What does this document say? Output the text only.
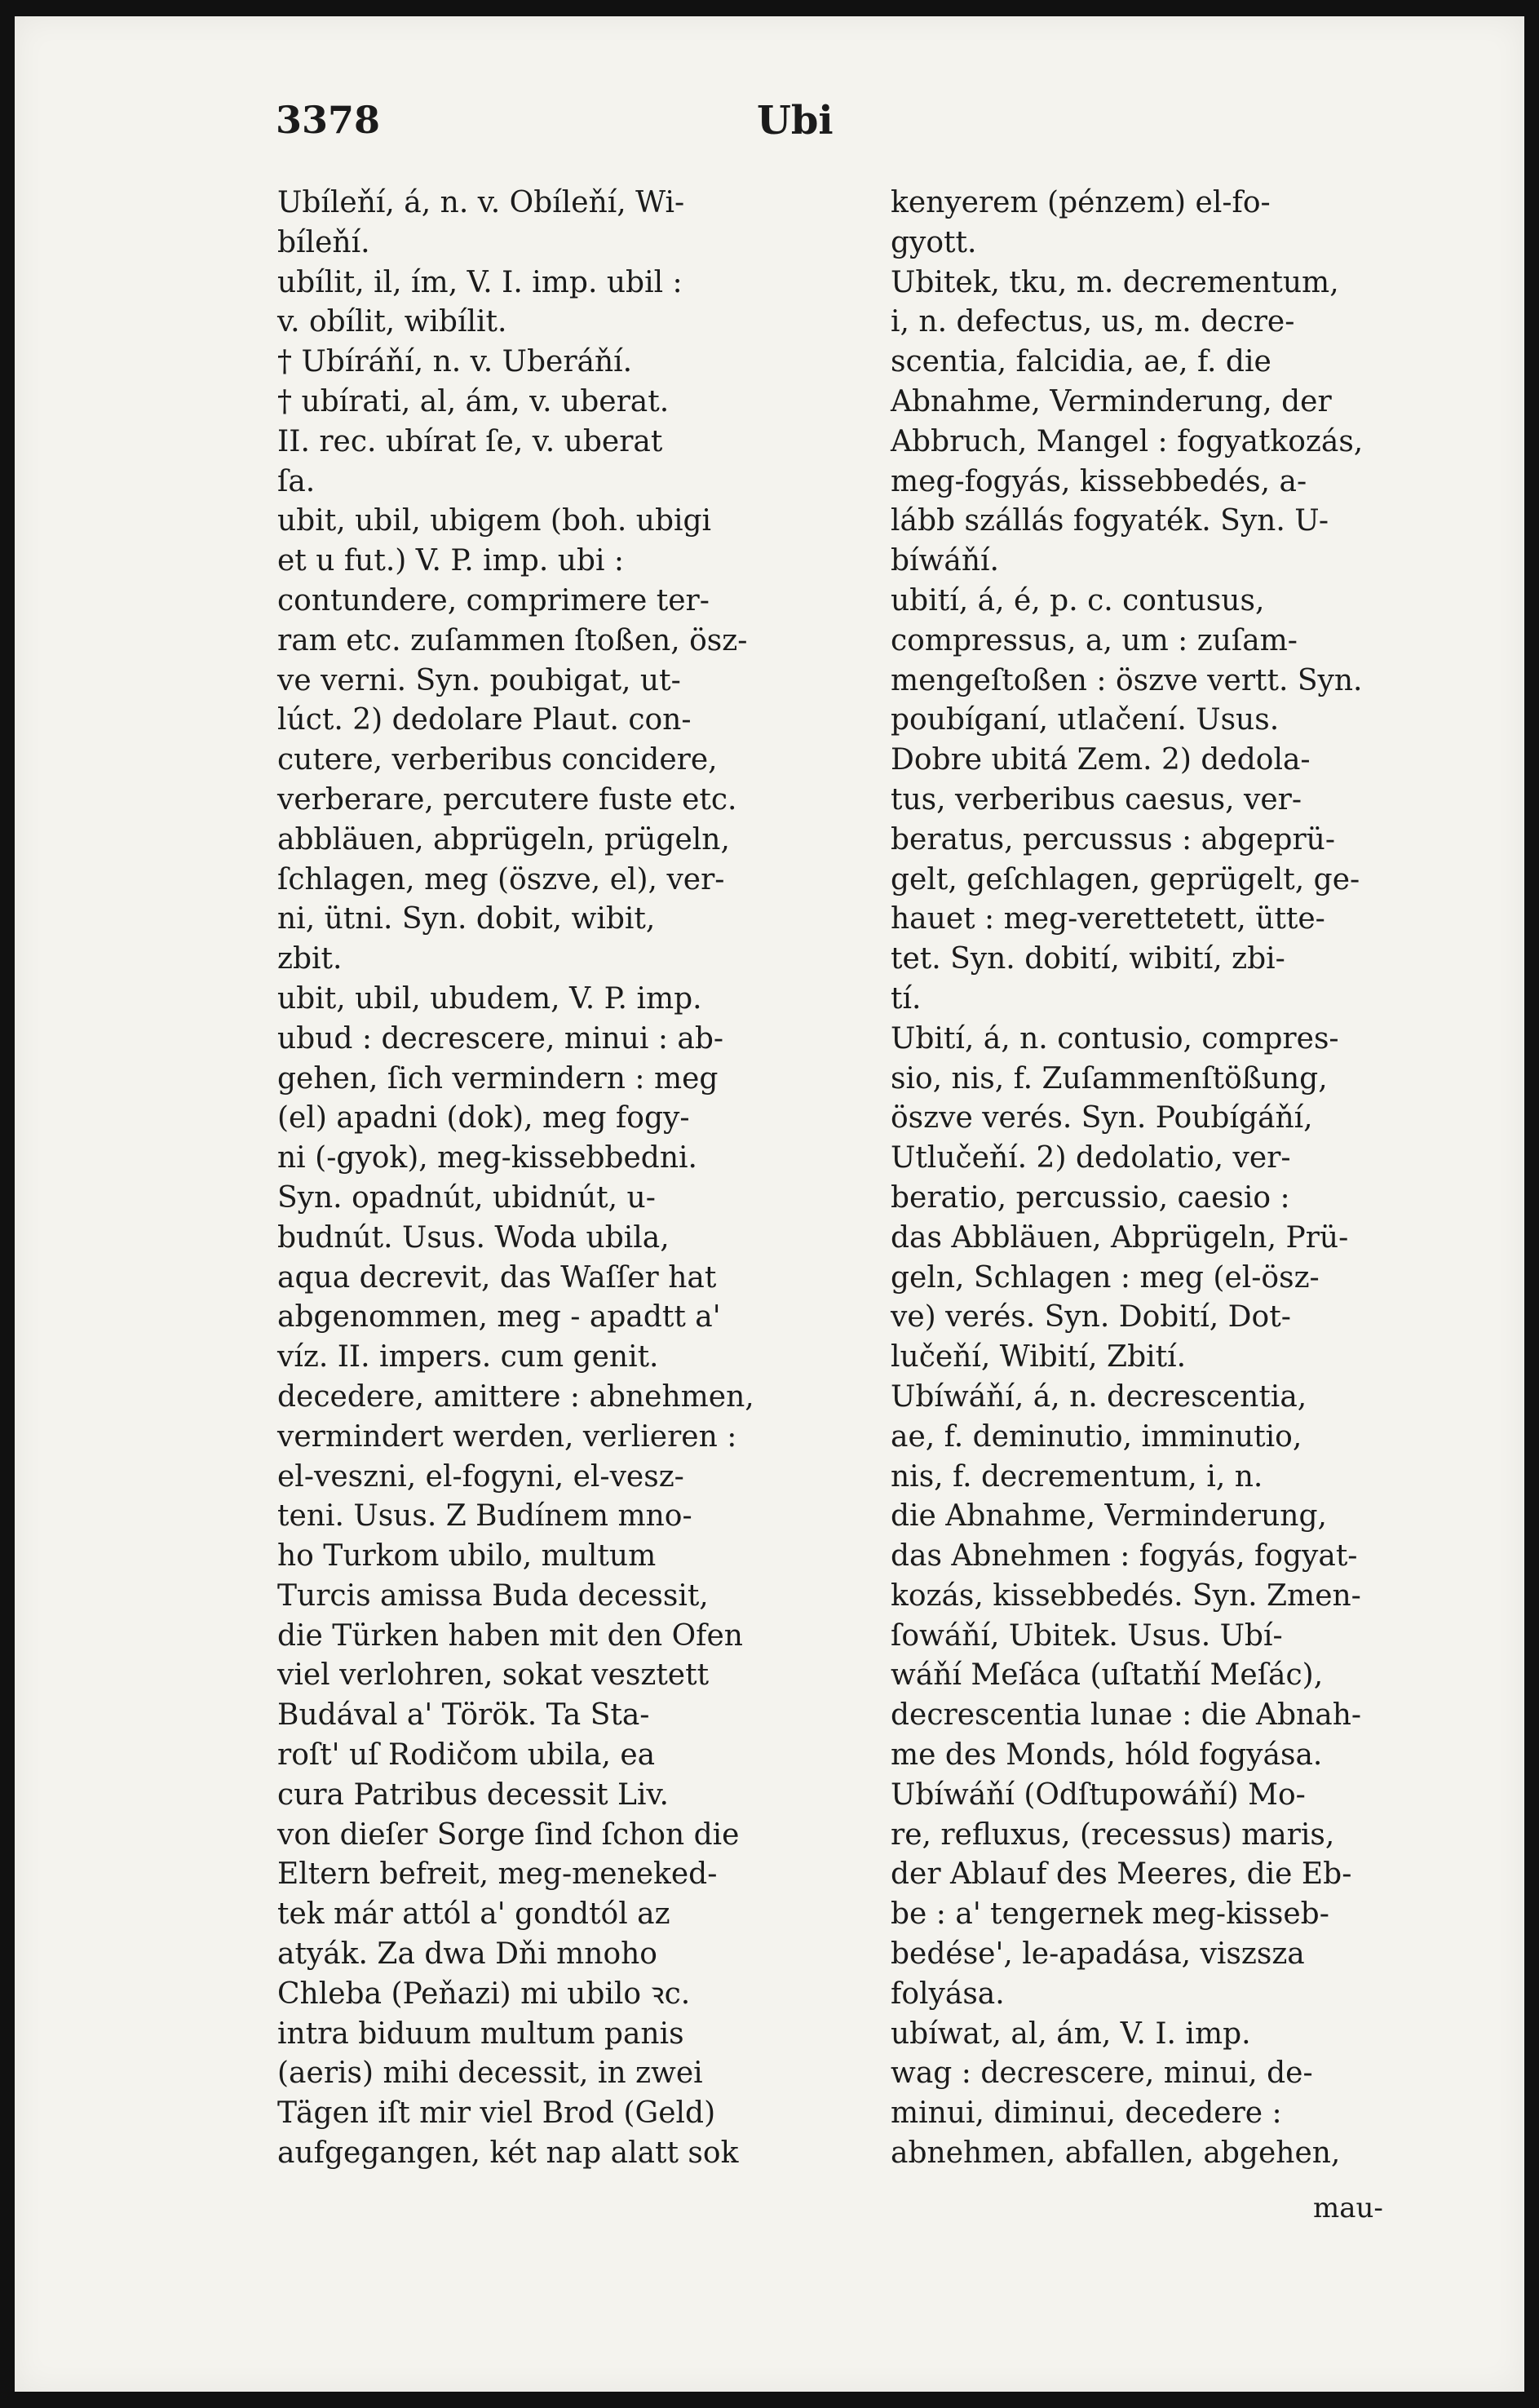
3378	Ubi

Ubíleňí, á, n. v. Obíleňí, Wi-
bíleňí.
ubílit, il, ím, V. I. imp. ubil :
v. obílit, wibílit.
† Ubíráňí, n. v. Uberáňí.
† ubírati, al, ám, v. uberat.
II. rec. ubírat ſe, v. uberat
ſa.
ubit, ubil, ubigem (boh. ubigi
et u fut.) V. P. imp. ubi :
contundere, comprimere ter-
ram etc. zuſammen ſtoßen, ösz-
ve verni. Syn. poubigat, ut-
lúct. 2) dedolare Plaut. con-
cutere, verberibus concidere,
verberare, percutere fuste etc.
abbläuen, abprügeln, prügeln,
ſchlagen, meg (öszve, el), ver-
ni, ütni. Syn. dobit, wibit,
zbit.
ubit, ubil, ubudem, V. P. imp.
ubud : decrescere, minui : ab-
gehen, ſich vermindern : meg
(el) apadni (dok), meg fogy-
ni (-gyok), meg-kissebbedni.
Syn. opadnút, ubidnút, u-
budnút. Usus. Woda ubila,
aqua decrevit, das Waſſer hat
abgenommen, meg - apadtt a'
víz. II. impers. cum genit.
decedere, amittere : abnehmen,
vermindert werden, verlieren :
el-veszni, el-fogyni, el-vesz-
teni. Usus. Z Budínem mno-
ho Turkom ubilo, multum
Turcis amissa Buda decessit,
die Türken haben mit den Ofen
viel verlohren, sokat vesztett
Budával a' Török. Ta Sta-
roſt' uſ Rodičom ubila, ea
cura Patribus decessit Liv.
von dieſer Sorge ſind ſchon die
Eltern befreit, meg-meneked-
tek már attól a' gondtól az
atyák. Za dwa Dňi mnoho
Chleba (Peňazi) mi ubilo ꝛc.
intra biduum multum panis
(aeris) mihi decessit, in zwei
Tägen iſt mir viel Brod (Geld)
aufgegangen, két nap alatt sok

kenyerem (pénzem) el-fo-
gyott.
Ubitek, tku, m. decrementum,
i, n. defectus, us, m. decre-
scentia, falcidia, ae, f. die
Abnahme, Verminderung, der
Abbruch, Mangel : fogyatkozás,
meg-fogyás, kissebbedés, a-
lább szállás fogyaték. Syn. U-
bíwáňí.
ubití, á, é, p. c. contusus,
compressus, a, um : zuſam-
mengeſtoßen : öszve vertt. Syn.
poubíganí, utlačení. Usus.
Dobre ubitá Zem. 2) dedola-
tus, verberibus caesus, ver-
beratus, percussus : abgeprü-
gelt, geſchlagen, geprügelt, ge-
hauet : meg-verettetett, ütte-
tet. Syn. dobití, wibití, zbi-
tí.
Ubití, á, n. contusio, compres-
sio, nis, f. Zuſammenſtößung,
öszve verés. Syn. Poubígáňí,
Utlučeňí. 2) dedolatio, ver-
beratio, percussio, caesio :
das Abbläuen, Abprügeln, Prü-
geln, Schlagen : meg (el-ösz-
ve) verés. Syn. Dobití, Dot-
lučeňí, Wibití, Zbití.
Ubíwáňí, á, n. decrescentia,
ae, f. deminutio, imminutio,
nis, f. decrementum, i, n.
die Abnahme, Verminderung,
das Abnehmen : fogyás, fogyat-
kozás, kissebbedés. Syn. Zmen-
ſowáňí, Ubitek. Usus. Ubí-
wáňí Meſáca (uſtatňí Meſác),
decrescentia lunae : die Abnah-
me des Monds, hóld fogyása.
Ubíwáňí (Odſtupowáňí) Mo-
re, refluxus, (recessus) maris,
der Ablauf des Meeres, die Eb-
be : a' tengernek meg-kisseb-
bedése', le-apadása, viszsza
folyása.
ubíwat, al, ám, V. I. imp.
wag : decrescere, minui, de-
minui, diminui, decedere :
abnehmen, abfallen, abgehen,

mau-
